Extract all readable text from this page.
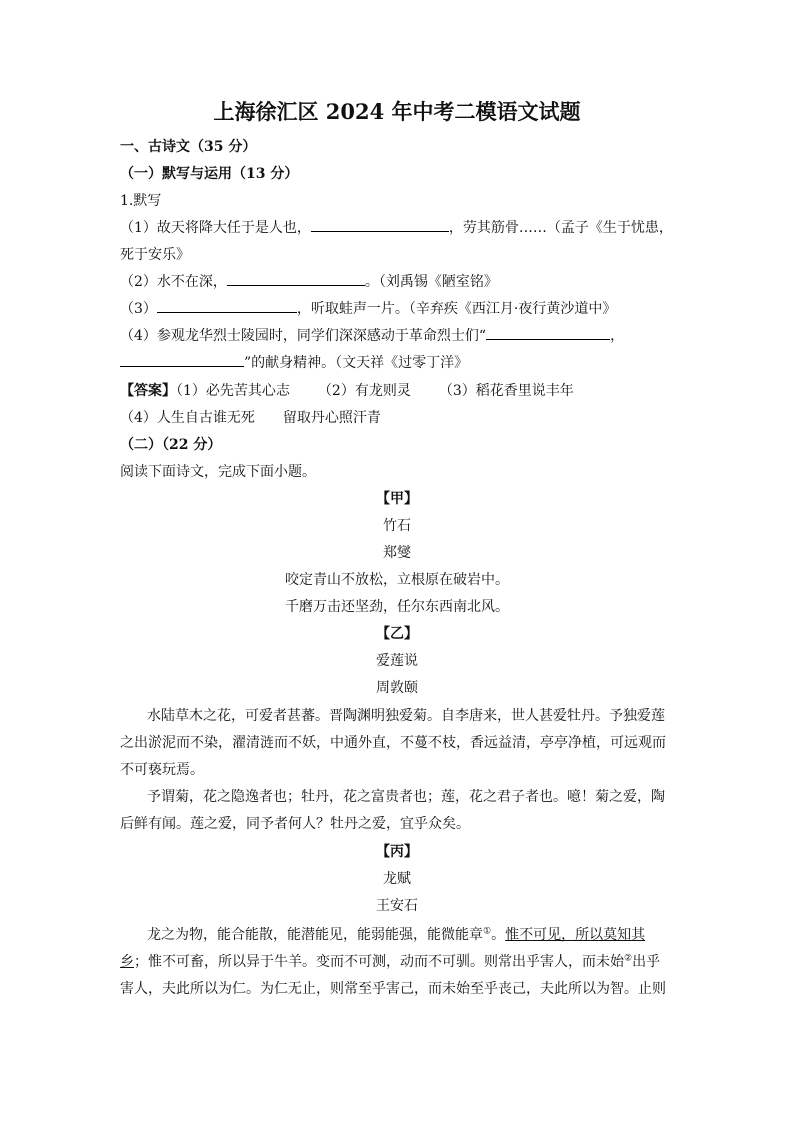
上海徐汇区 2024 年中考二模语文试题
一、古诗文（35 分）
（一）默写与运用（13 分）
1.默写
（1）故天将降大任于是人也，	，劳其筋骨……（孟子《生于忧患，
死于安乐》
（2）水不在深，	。（刘禹锡《陋室铭》
（3）	，听取蛙声一片。（辛弃疾《西江月·夜行黄沙道中》
（4）参观龙华烈士陵园时，同学们深深感动于革命烈士们“	，
”的献身精神。（文天祥《过零丁洋》
【答案】（1）必先苦其心志 （2）有龙则灵 （3）稻花香里说丰年
（4）人生自古谁无死 留取丹心照汗青
（二）（22 分）
阅读下面诗文，完成下面小题。
【甲】
竹石
郑燮
咬定青山不放松，立根原在破岩中。
千磨万击还坚劲，任尔东西南北风。
【乙】
爱莲说
周敦颐
水陆草木之花，可爱者甚蕃。晋陶渊明独爱菊。自李唐来，世人甚爱牡丹。予独爱莲
之出淤泥而不染，濯清涟而不妖，中通外直，不蔓不枝，香远益清，亭亭净植，可远观而
不可亵玩焉。
予谓菊，花之隐逸者也；牡丹，花之富贵者也；莲，花之君子者也。噫！菊之爱，陶
后鲜有闻。莲之爱，同予者何人？牡丹之爱，宜乎众矣。
【丙】
龙赋
王安石
龙之为物，能合能散，能潜能见，能弱能强，能微能章①。惟不可见，所以莫知其
乡；惟不可畜，所以异于牛羊。变而不可测，动而不可驯。则常出乎害人，而未始②出乎
害人，夫此所以为仁。为仁无止，则常至乎害己，而未始至乎丧己，夫此所以为智。止则
